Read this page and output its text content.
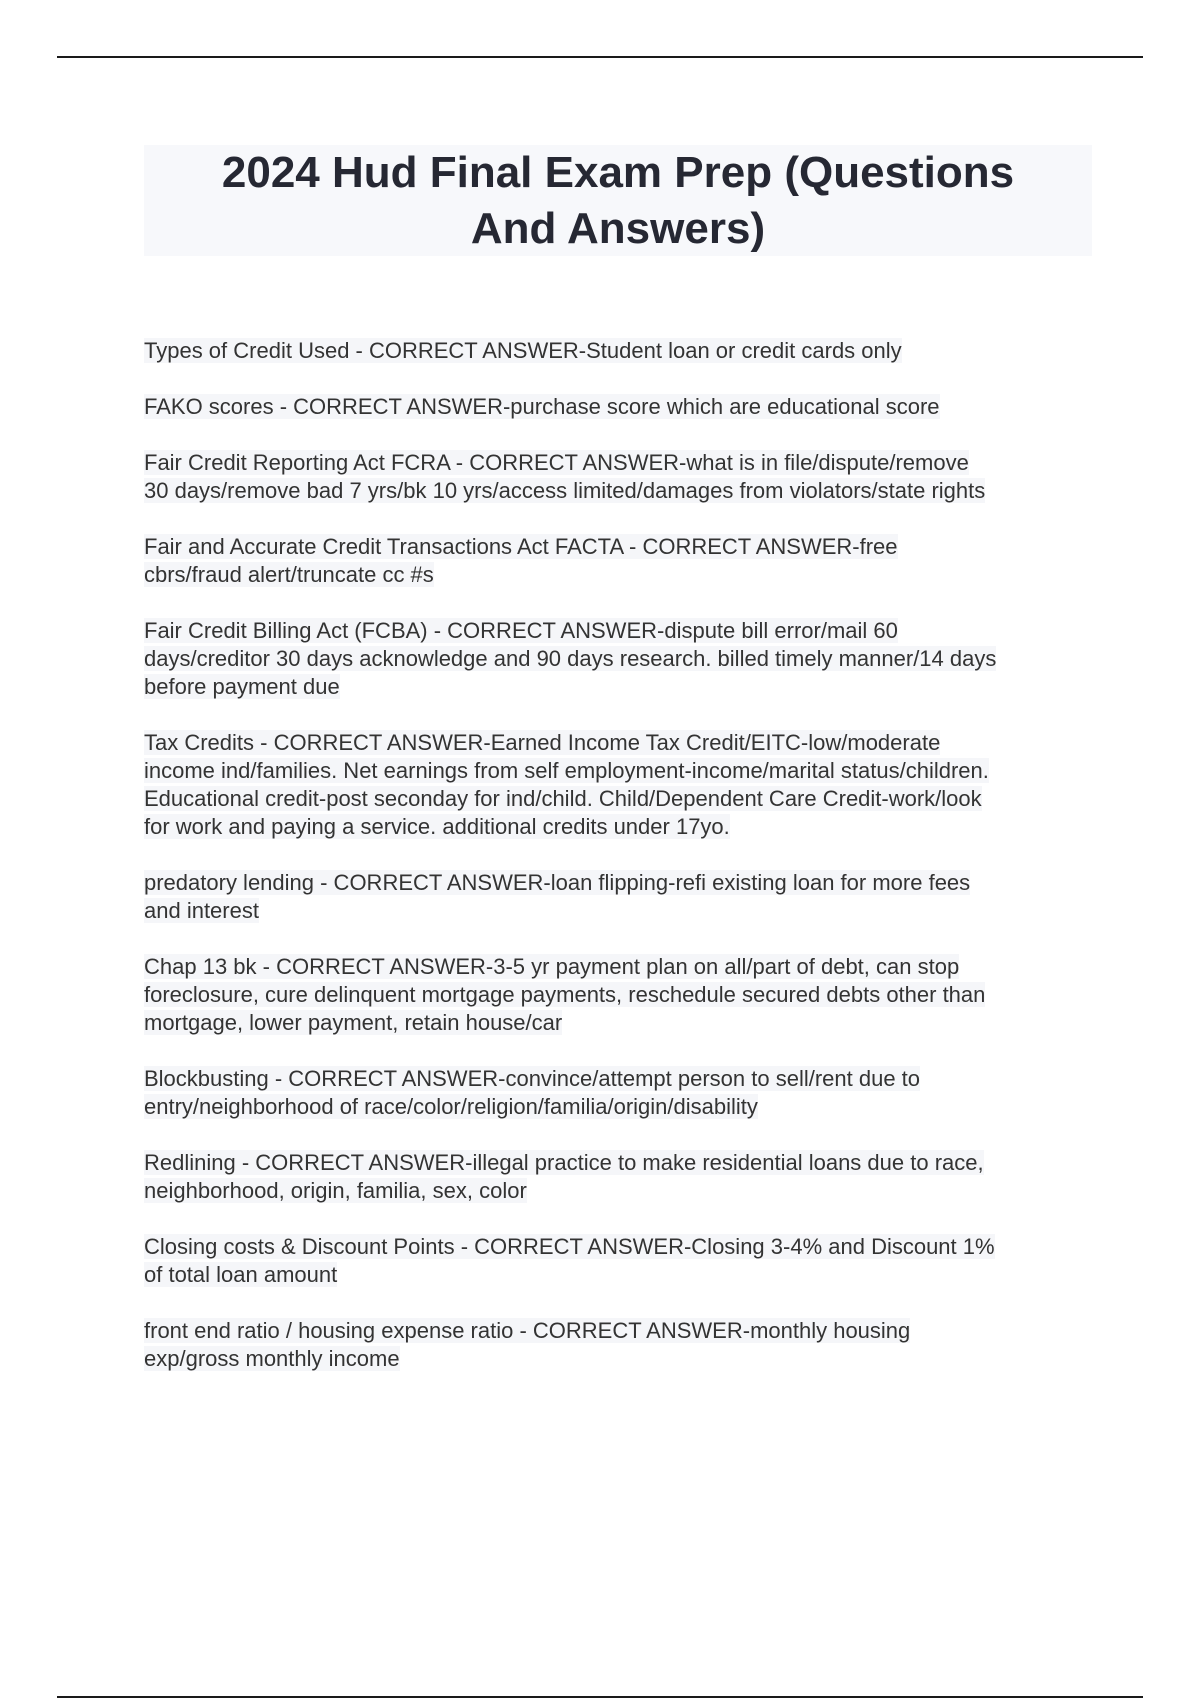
2024 Hud Final Exam Prep (Questions
And Answers)
Types of Credit Used - CORRECT ANSWER-Student loan or credit cards only
FAKO scores - CORRECT ANSWER-purchase score which are educational score
Fair Credit Reporting Act FCRA - CORRECT ANSWER-what is in file/dispute/remove
30 days/remove bad 7 yrs/bk 10 yrs/access limited/damages from violators/state rights
Fair and Accurate Credit Transactions Act FACTA - CORRECT ANSWER-free
cbrs/fraud alert/truncate cc #s
Fair Credit Billing Act (FCBA) - CORRECT ANSWER-dispute bill error/mail 60
days/creditor 30 days acknowledge and 90 days research. billed timely manner/14 days
before payment due
Tax Credits - CORRECT ANSWER-Earned Income Tax Credit/EITC-low/moderate
income ind/families. Net earnings from self employment-income/marital status/children.
Educational credit-post seconday for ind/child. Child/Dependent Care Credit-work/look
for work and paying a service. additional credits under 17yo.
predatory lending - CORRECT ANSWER-loan flipping-refi existing loan for more fees
and interest
Chap 13 bk - CORRECT ANSWER-3-5 yr payment plan on all/part of debt, can stop
foreclosure, cure delinquent mortgage payments, reschedule secured debts other than
mortgage, lower payment, retain house/car
Blockbusting - CORRECT ANSWER-convince/attempt person to sell/rent due to
entry/neighborhood of race/color/religion/familia/origin/disability
Redlining - CORRECT ANSWER-illegal practice to make residential loans due to race,
neighborhood, origin, familia, sex, color
Closing costs & Discount Points - CORRECT ANSWER-Closing 3-4% and Discount 1%
of total loan amount
front end ratio / housing expense ratio - CORRECT ANSWER-monthly housing
exp/gross monthly income
